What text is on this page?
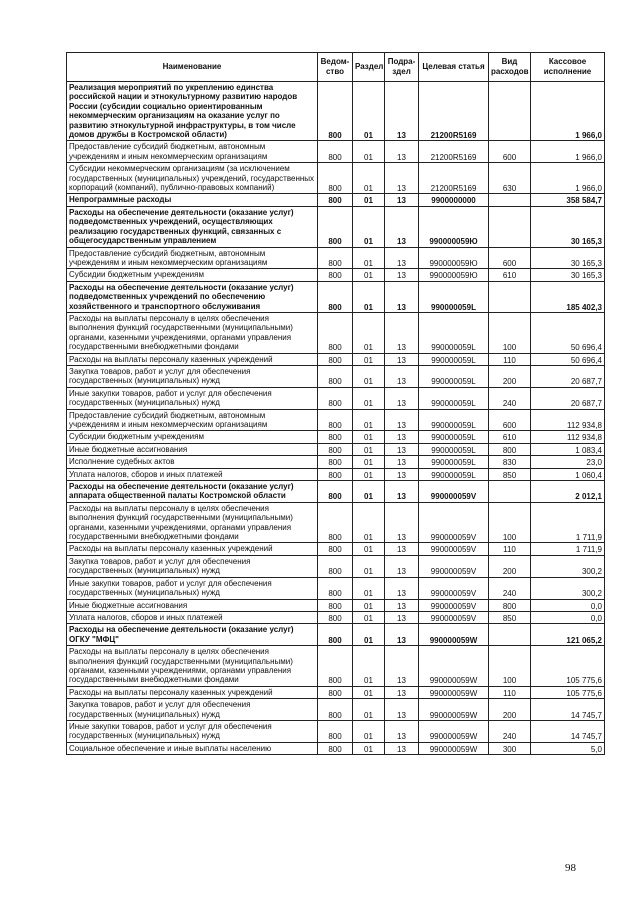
Наименование	Ведом-ство	Раздел	Подра-здел	Целевая статья	Вид расходов	Кассовое исполнение
Реализация мероприятий по укреплению единства российской нации и этнокультурному развитию народов России (субсидии социально ориентированным некоммерческим организациям на оказание услуг по развитию этнокультурной инфраструктуры, в том числе домов дружбы в Костромской области)	800	01	13	21200R5169		1 966,0
Предоставление субсидий бюджетным, автономным учреждениям и иным некоммерческим организациям	800	01	13	21200R5169	600	1 966,0
Субсидии некоммерческим организациям (за исключением государственных (муниципальных) учреждений, государственных корпораций (компаний), публично-правовых компаний)	800	01	13	21200R5169	630	1 966,0
Непрограммные расходы	800	01	13	9900000000		358 584,7
Расходы на обеспечение деятельности (оказание услуг) подведомственных учреждений, осуществляющих реализацию государственных функций, связанных с общегосударственным управлением	800	01	13	990000059Ю		30 165,3
Предоставление субсидий бюджетным, автономным учреждениям и иным некоммерческим организациям	800	01	13	990000059Ю	600	30 165,3
Субсидии бюджетным учреждениям	800	01	13	990000059Ю	610	30 165,3
Расходы на обеспечение деятельности (оказание услуг) подведомственных учреждений по обеспечению хозяйственного и транспортного обслуживания	800	01	13	990000059L		185 402,3
Расходы на выплаты персоналу в целях обеспечения выполнения функций государственными (муниципальными) органами, казенными учреждениями, органами управления государственными внебюджетными фондами	800	01	13	990000059L	100	50 696,4
Расходы на выплаты персоналу казенных учреждений	800	01	13	990000059L	110	50 696,4
Закупка товаров, работ и услуг для обеспечения государственных (муниципальных) нужд	800	01	13	990000059L	200	20 687,7
Иные закупки товаров, работ и услуг для обеспечения государственных (муниципальных) нужд	800	01	13	990000059L	240	20 687,7
Предоставление субсидий бюджетным, автономным учреждениям и иным некоммерческим организациям	800	01	13	990000059L	600	112 934,8
Субсидии бюджетным учреждениям	800	01	13	990000059L	610	112 934,8
Иные бюджетные ассигнования	800	01	13	990000059L	800	1 083,4
Исполнение судебных актов	800	01	13	990000059L	830	23,0
Уплата налогов, сборов и иных платежей	800	01	13	990000059L	850	1 060,4
Расходы на обеспечение деятельности (оказание услуг) аппарата общественной палаты Костромской области	800	01	13	990000059V		2 012,1
Расходы на выплаты персоналу в целях обеспечения выполнения функций государственными (муниципальными) органами, казенными учреждениями, органами управления государственными внебюджетными фондами	800	01	13	990000059V	100	1 711,9
Расходы на выплаты персоналу казенных учреждений	800	01	13	990000059V	110	1 711,9
Закупка товаров, работ и услуг для обеспечения государственных (муниципальных) нужд	800	01	13	990000059V	200	300,2
Иные закупки товаров, работ и услуг для обеспечения государственных (муниципальных) нужд	800	01	13	990000059V	240	300,2
Иные бюджетные ассигнования	800	01	13	990000059V	800	0,0
Уплата налогов, сборов и иных платежей	800	01	13	990000059V	850	0,0
Расходы на обеспечение деятельности (оказание услуг) ОГКУ "МФЦ"	800	01	13	990000059W		121 065,2
Расходы на выплаты персоналу в целях обеспечения выполнения функций государственными (муниципальными) органами, казенными учреждениями, органами управления государственными внебюджетными фондами	800	01	13	990000059W	100	105 775,6
Расходы на выплаты персоналу казенных учреждений	800	01	13	990000059W	110	105 775,6
Закупка товаров, работ и услуг для обеспечения государственных (муниципальных) нужд	800	01	13	990000059W	200	14 745,7
Иные закупки товаров, работ и услуг для обеспечения государственных (муниципальных) нужд	800	01	13	990000059W	240	14 745,7
Социальное обеспечение и иные выплаты населению	800	01	13	990000059W	300	5,0
98
